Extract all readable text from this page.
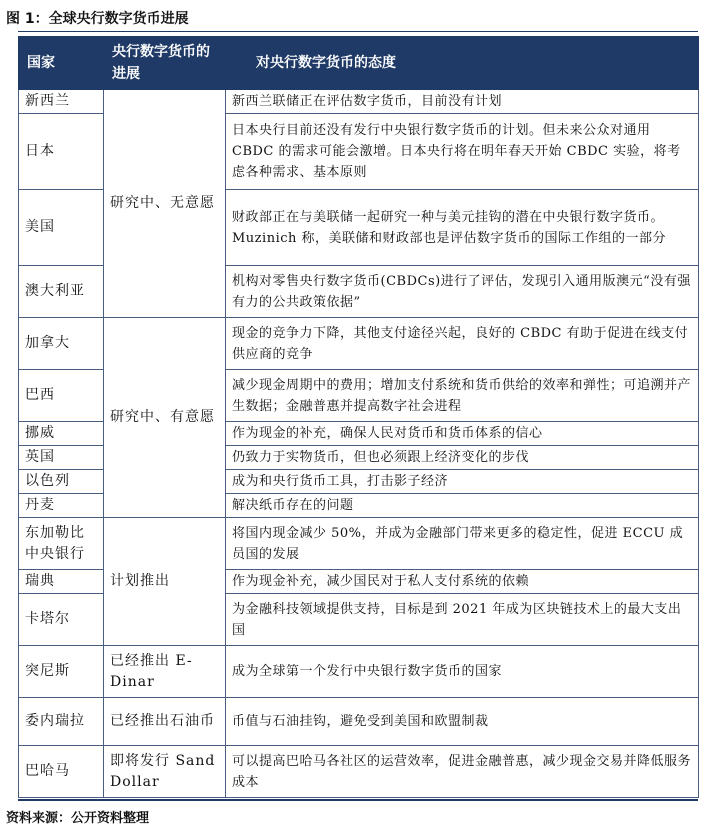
图 1：全球央行数字货币进展
国家	央行数字货币的进展	对央行数字货币的态度
新西兰	研究中、无意愿	新西兰联储正在评估数字货币，目前没有计划
日本		日本央行目前还没有发行中央银行数字货币的计划。但未来公众对通用 CBDC 的需求可能会激增。日本央行将在明年春天开始 CBDC 实验，将考虑各种需求、基本原则
美国		财政部正在与美联储一起研究一种与美元挂钩的潜在中央银行数字货币。Muzinich 称，美联储和财政部也是评估数字货币的国际工作组的一部分
澳大利亚		机构对零售央行数字货币(CBDCs)进行了评估，发现引入通用版澳元“没有强有力的公共政策依据”
加拿大	研究中、有意愿	现金的竞争力下降，其他支付途径兴起，良好的 CBDC 有助于促进在线支付供应商的竞争
巴西		减少现金周期中的费用；增加支付系统和货币供给的效率和弹性；可追溯并产生数据；金融普惠并提高数字社会进程
挪威		作为现金的补充，确保人民对货币和货币体系的信心
英国		仍致力于实物货币，但也必须跟上经济变化的步伐
以色列		成为和央行货币工具，打击影子经济
丹麦		解决纸币存在的问题
东加勒比中央银行	计划推出	将国内现金减少 50%，并成为金融部门带来更多的稳定性，促进 ECCU 成员国的发展
瑞典		作为现金补充，减少国民对于私人支付系统的依赖
卡塔尔		为金融科技领域提供支持，目标是到 2021 年成为区块链技术上的最大支出国
突尼斯	已经推出 E-Dinar	成为全球第一个发行中央银行数字货币的国家
委内瑞拉	已经推出石油币	币值与石油挂钩，避免受到美国和欧盟制裁
巴哈马	即将发行 Sand Dollar	可以提高巴哈马各社区的运营效率，促进金融普惠，减少现金交易并降低服务成本
资料来源：公开资料整理
